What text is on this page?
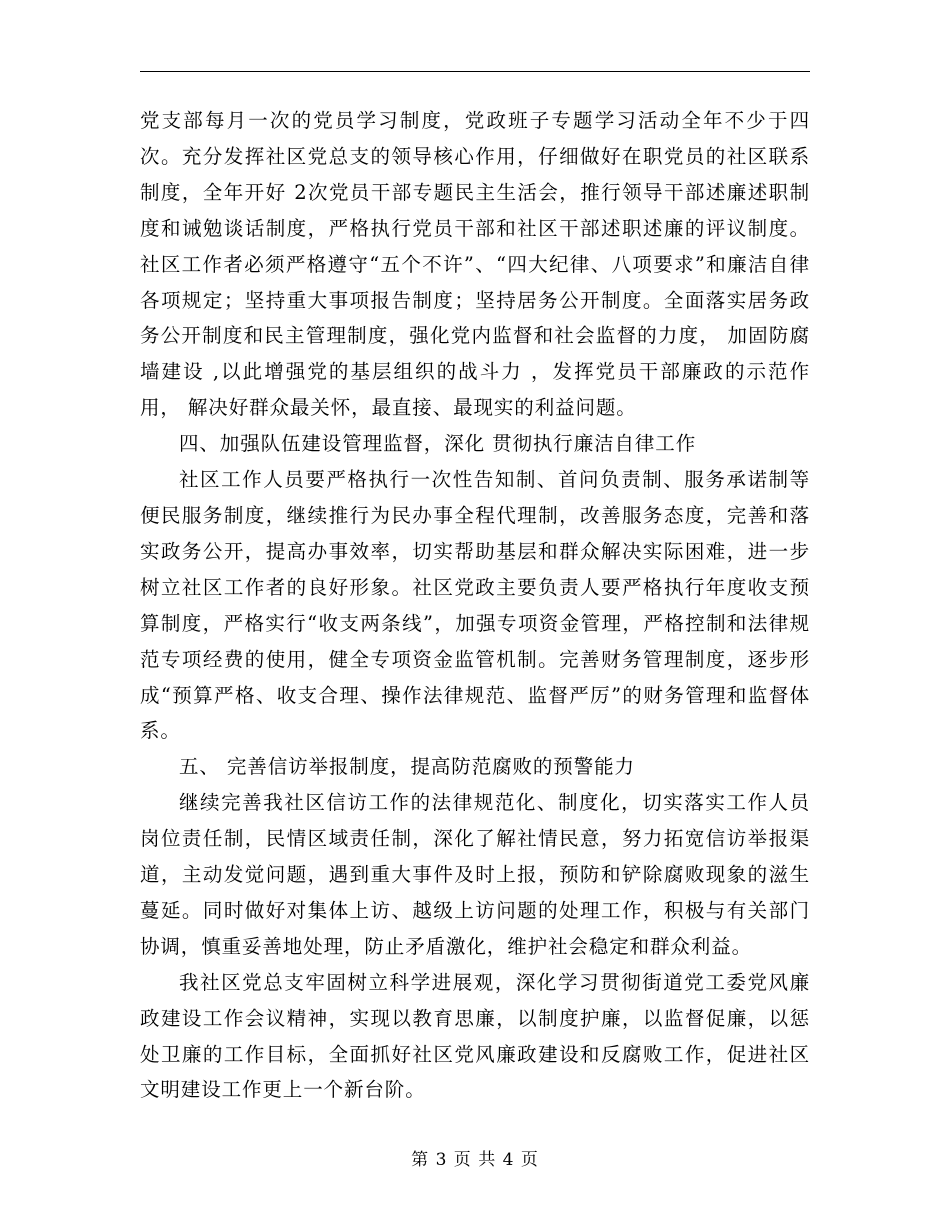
党支部每月一次的党员学习制度，党政班子专题学习活动全年不少于四次。充分发挥社区党总支的领导核心作用，仔细做好在职党员的社区联系制度，全年开好 2次党员干部专题民主生活会，推行领导干部述廉述职制度和诫勉谈话制度，严格执行党员干部和社区干部述职述廉的评议制度。社区工作者必须严格遵守“五个不许”、“四大纪律、八项要求”和廉洁自律各项规定；坚持重大事项报告制度；坚持居务公开制度。全面落实居务政务公开制度和民主管理制度，强化党内监督和社会监督的力度， 加固防腐墙建设 ,以此增强党的基层组织的战斗力 ，发挥党员干部廉政的示范作用， 解决好群众最关怀，最直接、最现实的利益问题。

四、加强队伍建设管理监督，深化 贯彻执行廉洁自律工作

社区工作人员要严格执行一次性告知制、首问负责制、服务承诺制等便民服务制度，继续推行为民办事全程代理制，改善服务态度，完善和落实政务公开，提高办事效率，切实帮助基层和群众解决实际困难，进一步树立社区工作者的良好形象。社区党政主要负责人要严格执行年度收支预算制度，严格实行“收支两条线”，加强专项资金管理，严格控制和法律规范专项经费的使用，健全专项资金监管机制。完善财务管理制度，逐步形成“预算严格、收支合理、操作法律规范、监督严厉”的财务管理和监督体系。

五、 完善信访举报制度，提高防范腐败的预警能力

继续完善我社区信访工作的法律规范化、制度化，切实落实工作人员岗位责任制，民情区域责任制，深化了解社情民意，努力拓宽信访举报渠道，主动发觉问题，遇到重大事件及时上报，预防和铲除腐败现象的滋生蔓延。同时做好对集体上访、越级上访问题的处理工作，积极与有关部门协调，慎重妥善地处理，防止矛盾激化，维护社会稳定和群众利益。

我社区党总支牢固树立科学进展观，深化学习贯彻街道党工委党风廉政建设工作会议精神，实现以教育思廉，以制度护廉，以监督促廉，以惩处卫廉的工作目标，全面抓好社区党风廉政建设和反腐败工作，促进社区文明建设工作更上一个新台阶。

第 3 页 共 4 页
